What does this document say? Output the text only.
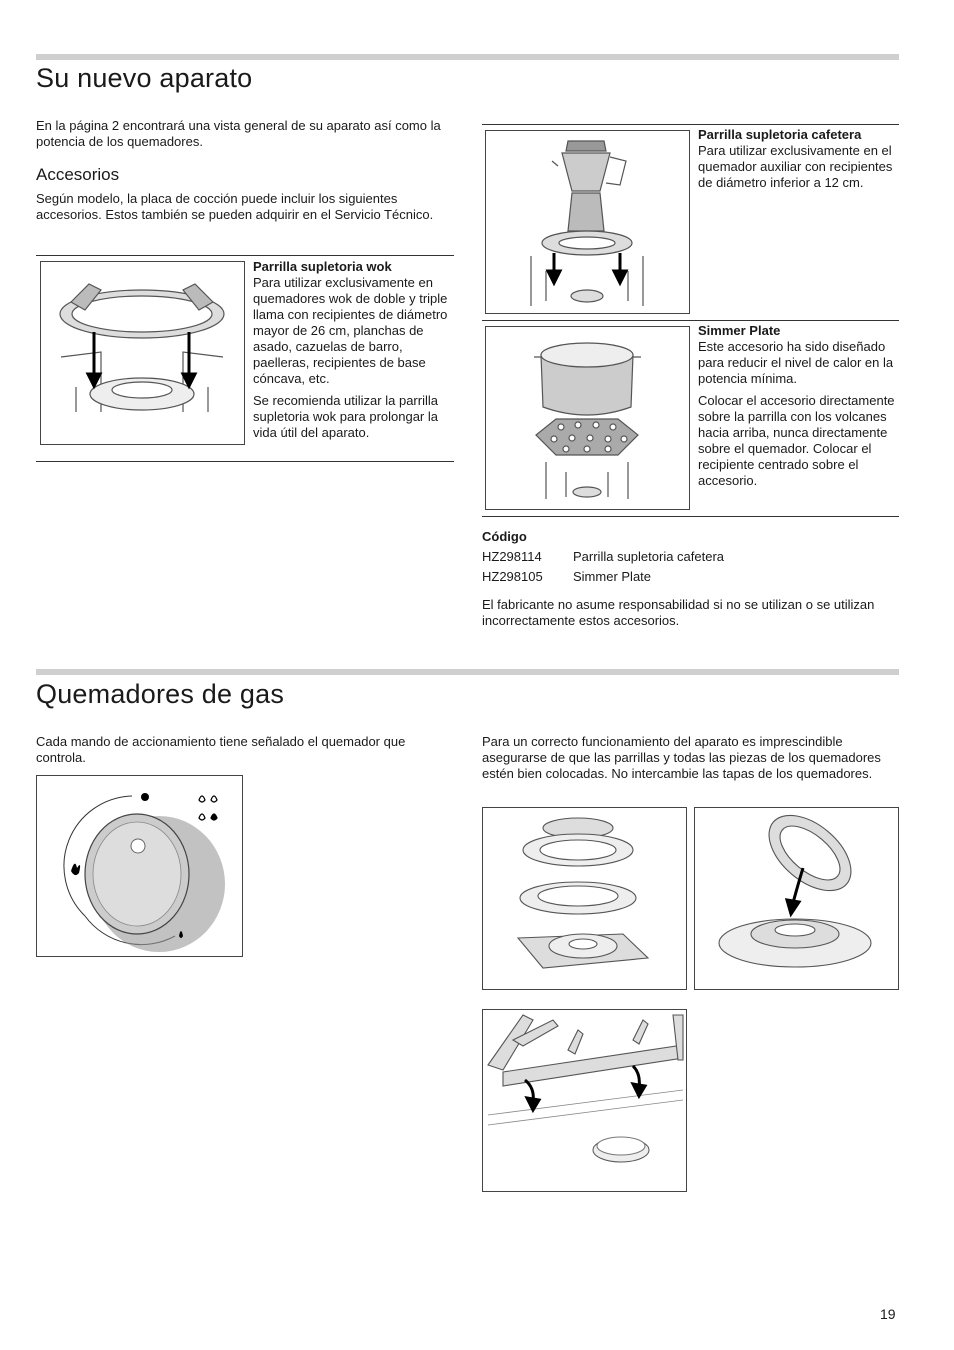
Su nuevo aparato

En la página 2 encontrará una vista general de su aparato así como la potencia de los quemadores.

Accesorios

Según modelo, la placa de cocción puede incluir los siguientes accesorios. Estos también se pueden adquirir en el Servicio Técnico.

Parrilla supletoria wok

Para utilizar exclusivamente en quemadores wok de doble y triple llama con recipientes de diámetro mayor de 26 cm, planchas de asado, cazuelas de barro, paelleras, recipientes de base cóncava, etc.

Se recomienda utilizar la parrilla supletoria wok para prolongar la vida útil del aparato.

Parrilla supletoria cafetera

Para utilizar exclusivamente en el quemador auxiliar con recipientes de diámetro inferior a 12 cm.

Simmer Plate

Este accesorio ha sido diseñado para reducir el nivel de calor en la potencia mínima.

Colocar el accesorio directamente sobre la parrilla con los volcanes hacia arriba, nunca directamente sobre el quemador. Colocar el recipiente centrado sobre el accesorio.

Código

HZ298114	Parrilla supletoria cafetera
HZ298105	Simmer Plate

El fabricante no asume responsabilidad si no se utilizan o se utilizan incorrectamente estos accesorios.

Quemadores de gas

Cada mando de accionamiento tiene señalado el quemador que controla.

Para un correcto funcionamiento del aparato es imprescindible asegurarse de que las parrillas y todas las piezas de los quemadores estén bien colocadas. No intercambie las tapas de los quemadores.

19
